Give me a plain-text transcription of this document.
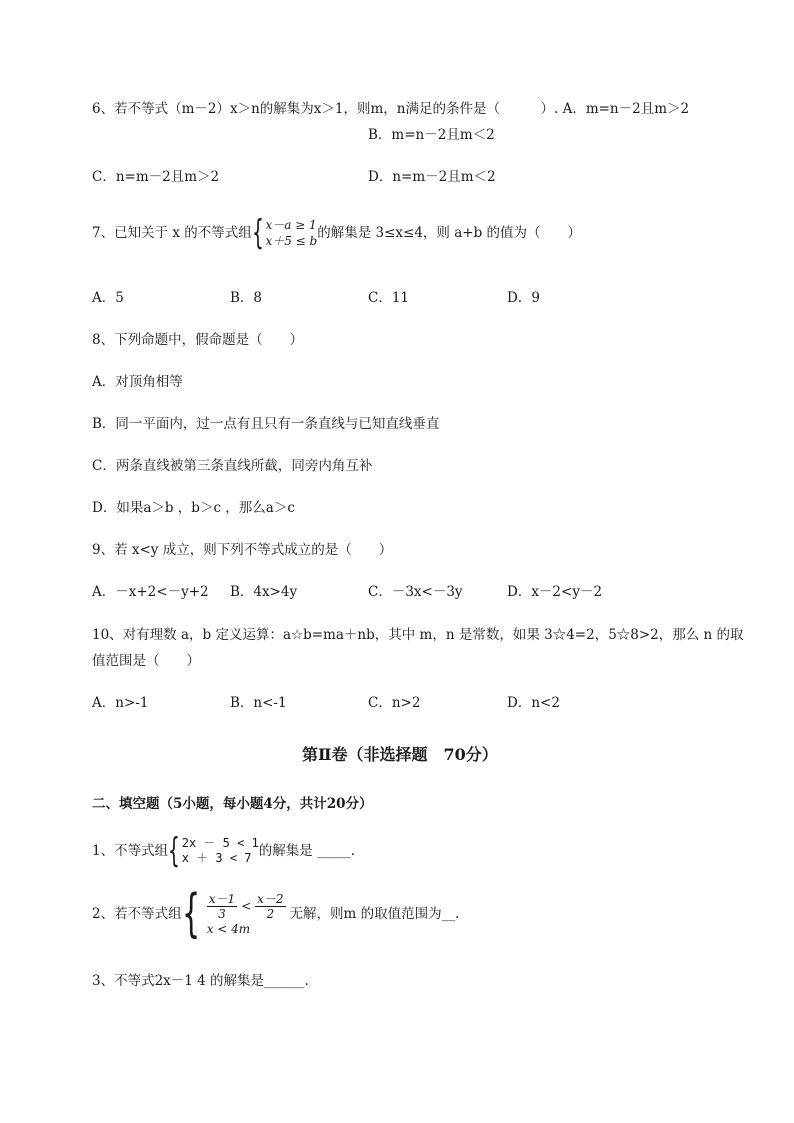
6、若不等式（m－2）x＞n的解集为x＞1，则m，n满足的条件是（　　　）. A．m=n－2且m＞2
B．m=n－2且m＜2
C．n=m－2且m＞2	D．n=m－2且m＜2
7、已知关于 x 的不等式组 { x－a ≥ 1
x＋5 ≤ b 的解集是 3≤x≤4，则 a+b 的值为（　　）
A．5	B．8	C．11	D．9
8、下列命题中，假命题是（　　）
A．对顶角相等
B．同一平面内，过一点有且只有一条直线与已知直线垂直
C．两条直线被第三条直线所截，同旁内角互补
D．如果a＞b ，b＞c ，那么a＞c
9、若 x<y 成立，则下列不等式成立的是（　　）
A．－x+2<－y+2 B．4x>4y	C．－3x<－3y	D．x－2<y－2
10、对有理数 a，b 定义运算：a☆b=ma＋nb，其中 m，n 是常数，如果 3☆4=2，5☆8>2，那么 n 的取
值范围是（　　）
A．n>-1	B．n<-1	C．n>2	D．n<2
第Ⅱ卷（非选择题　70分）
二、填空题（5小题，每小题4分，共计20分）
1、不等式组 { 2x － 5 < 1
x ＋ 3 < 7 的解集是 _____.
2、若不等式组 { $\frac{x-1}{3} < \frac{x-2}{2}$
x < 4m
无解，则m 的取值范围为__.
3、不等式2x－1 4 的解集是______.
